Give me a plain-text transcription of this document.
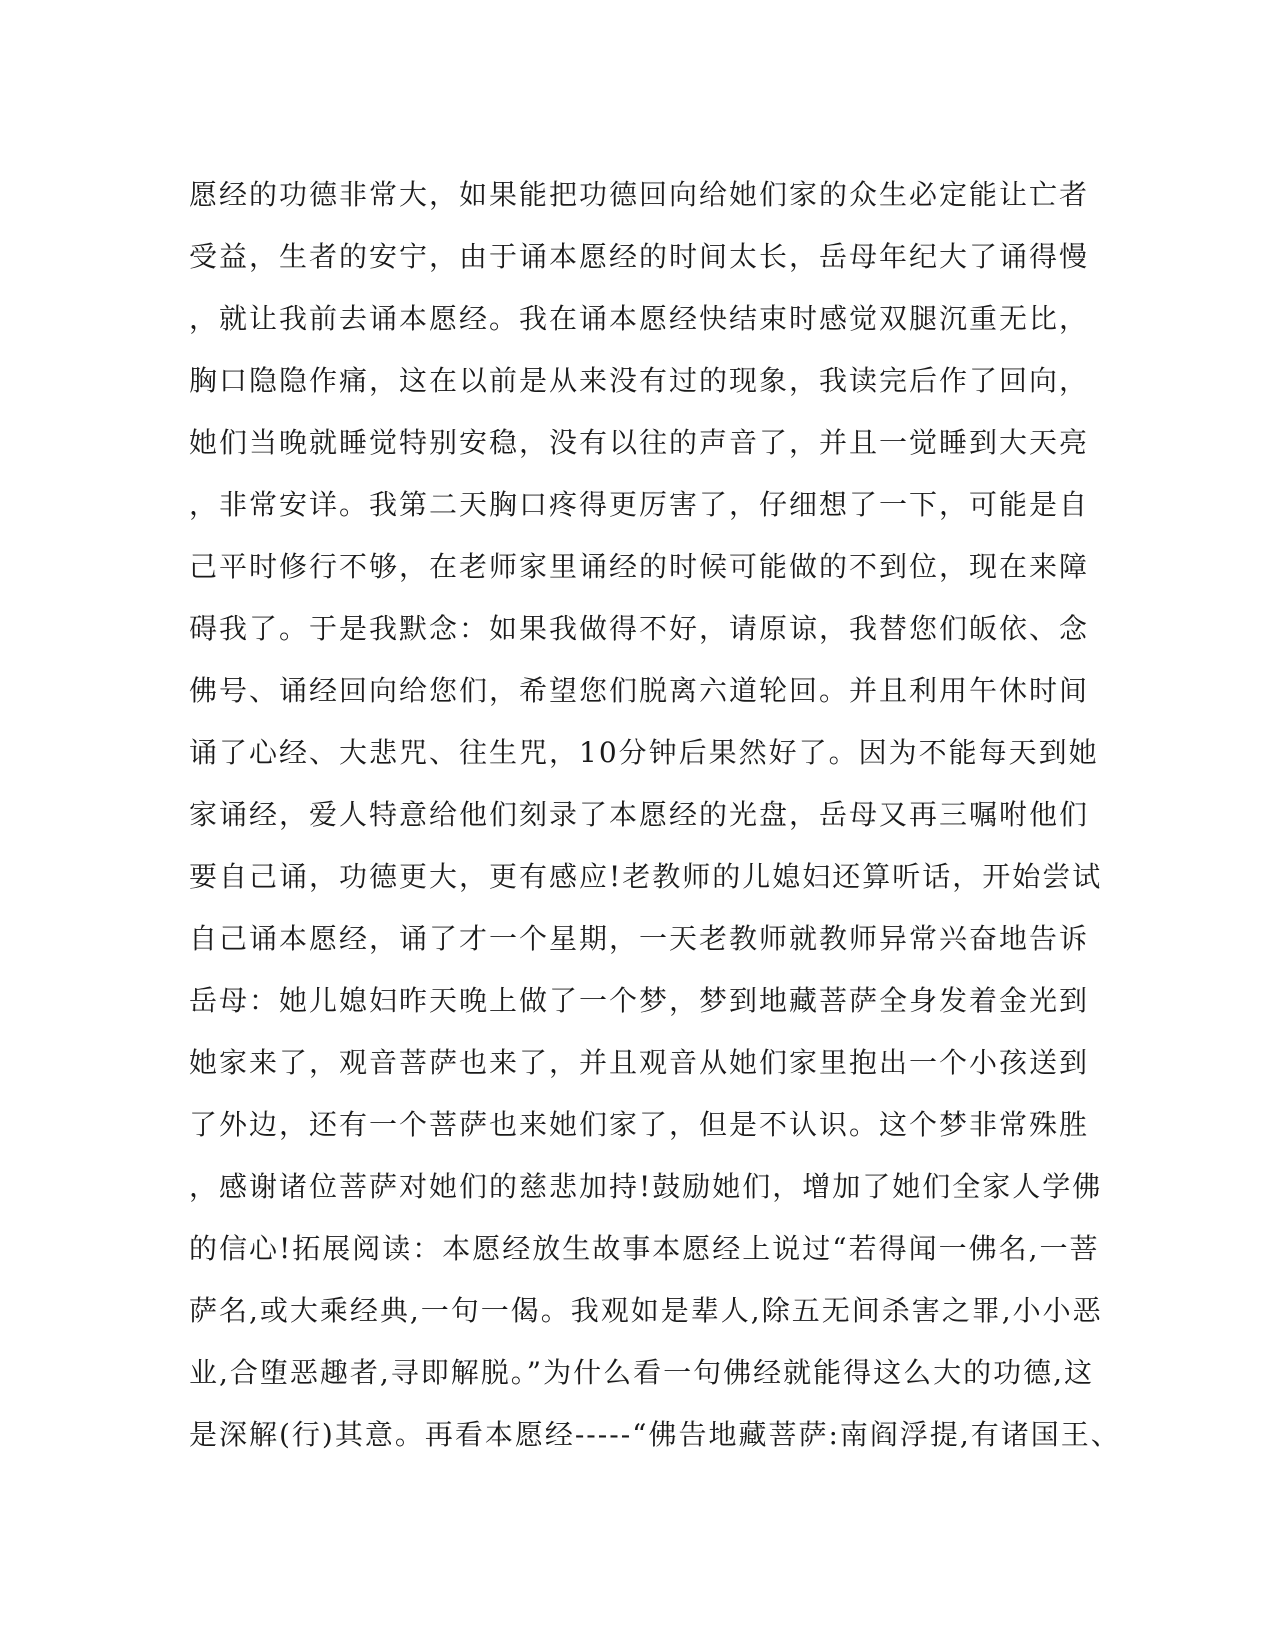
愿经的功德非常大，如果能把功德回向给她们家的众生必定能让亡者

受益，生者的安宁，由于诵本愿经的时间太长，岳母年纪大了诵得慢

，就让我前去诵本愿经。我在诵本愿经快结束时感觉双腿沉重无比，

胸口隐隐作痛，这在以前是从来没有过的现象，我读完后作了回向，

她们当晚就睡觉特别安稳，没有以往的声音了，并且一觉睡到大天亮

，非常安详。我第二天胸口疼得更厉害了，仔细想了一下，可能是自

己平时修行不够，在老师家里诵经的时候可能做的不到位，现在来障

碍我了。于是我默念：如果我做得不好，请原谅，我替您们皈依、念

佛号、诵经回向给您们，希望您们脱离六道轮回。并且利用午休时间

诵了心经、大悲咒、往生咒，10分钟后果然好了。因为不能每天到她

家诵经，爱人特意给他们刻录了本愿经的光盘，岳母又再三嘱咐他们

要自己诵，功德更大，更有感应!老教师的儿媳妇还算听话，开始尝试

自己诵本愿经，诵了才一个星期，一天老教师就教师异常兴奋地告诉

岳母：她儿媳妇昨天晚上做了一个梦，梦到地藏菩萨全身发着金光到

她家来了，观音菩萨也来了，并且观音从她们家里抱出一个小孩送到

了外边，还有一个菩萨也来她们家了，但是不认识。这个梦非常殊胜

，感谢诸位菩萨对她们的慈悲加持!鼓励她们，增加了她们全家人学佛

的信心!拓展阅读：本愿经放生故事本愿经上说过“若得闻一佛名,一菩

萨名,或大乘经典,一句一偈。我观如是辈人,除五无间杀害之罪,小小恶

业,合堕恶趣者,寻即解脱。”为什么看一句佛经就能得这么大的功德,这

是深解(行)其意。再看本愿经-----“佛告地藏菩萨:南阎浮提,有诸国王、
